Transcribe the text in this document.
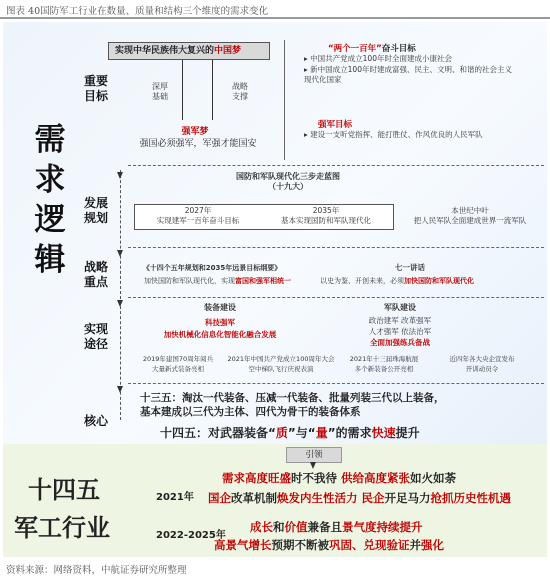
图表 40国防军工行业在数量、质量和结构三个维度的需求变化
需
求
逻
辑
重要
目标
发展
规划
战略
重点
实现
途径
核心
实现中华民族伟大复兴的中国梦
深厚
基础
战略
支撑
强军梦
强国必须强军，军强才能国安
“两个一百年”奋斗目标
▸ 中国共产党成立100年时全面建成小康社会
▸ 新中国成立100年时建成富强、民主、文明、和谐的社会主义现代化国家
强军目标
▸ 建设一支听党指挥、能打胜仗、作风优良的人民军队
国防和军队现代化三步走蓝图
（十九大）
2027年
实现建军一百年奋斗目标
2035年
基本实现国防和军队现代化
本世纪中叶
把人民军队全面建成世界一流军队
《十四个五年规划和2035年远景目标纲要》
加快国防和军队现代化，实现富国和强军相统一
七一讲话
以史为鉴、开创未来，必须加快国防和军队现代化
装备建设
科技强军
加快机械化信息化智能化融合发展
军队建设
政治建军 改革强军
人才强军 依法治军
全面加强练兵备战
2019年建国70周年阅兵
大量新式装备亮相
2021年中国共产党成立100周年大会
空中梯队飞行庆祝表演
2021年十三届珠海航展
多个新装备公开亮相
近四年各大央企宣发布
开训动员令
十三五：淘汰一代装备、压减一代装备、批量列装三代以上装备，
基本建成以三代为主体、四代为骨干的装备体系
十四五：对武器装备“质”与“量”的需求快速提升
引领
十四五
军工行业
2021年
2022-2025年
需求高度旺盛时不我待 供给高度紧张如火如荼
国企改革机制焕发内生性活力 民企开足马力抢抓历史性机遇
成长和价值兼备且景气度持续提升
高景气增长预期不断被巩固、兑现验证并强化
资料来源：网络资料，中航证券研究所整理
